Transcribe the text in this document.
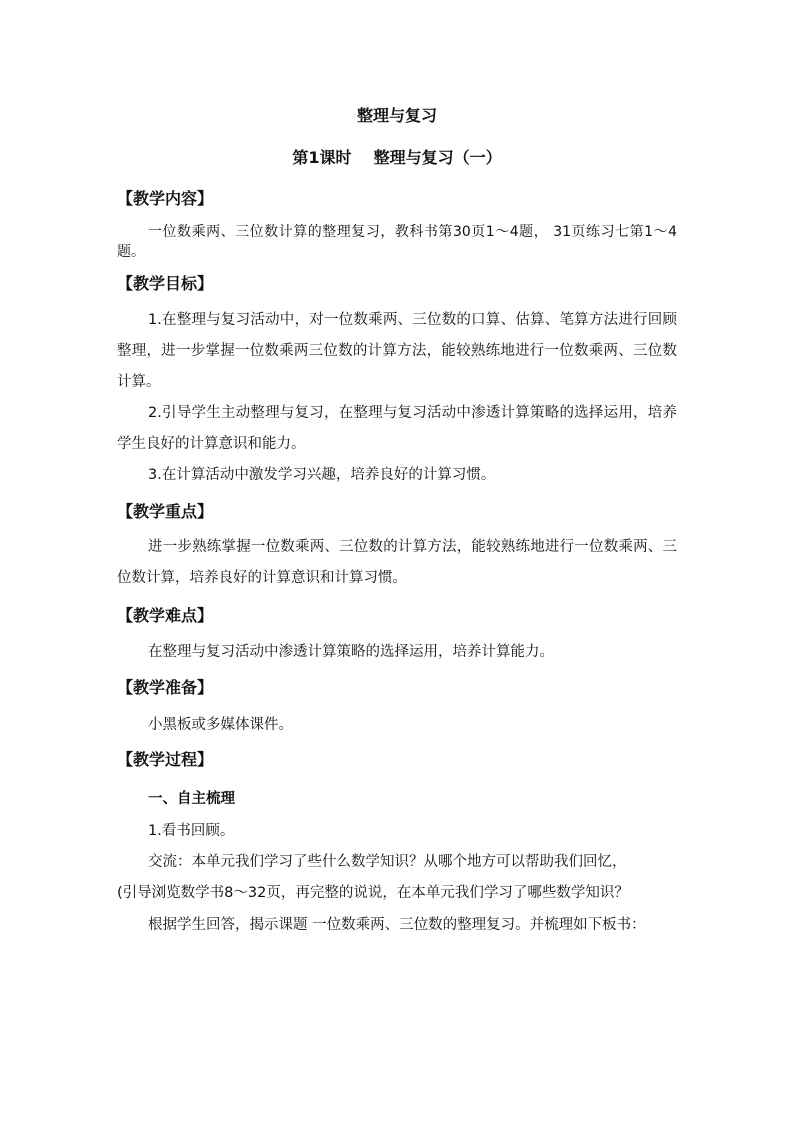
整理与复习
第1课时 整理与复习（一）
【教学内容】

一位数乘两、三位数计算的整理复习，教科书第30页1～4题， 31页练习七第1～4题。

【教学目标】

1.在整理与复习活动中，对一位数乘两、三位数的口算、估算、笔算方法进行回顾整理，进一步掌握一位数乘两三位数的计算方法，能较熟练地进行一位数乘两、三位数计算。

2.引导学生主动整理与复习，在整理与复习活动中渗透计算策略的选择运用，培养学生良好的计算意识和能力。

3.在计算活动中激发学习兴趣，培养良好的计算习惯。

【教学重点】

进一步熟练掌握一位数乘两、三位数的计算方法，能较熟练地进行一位数乘两、三位数计算，培养良好的计算意识和计算习惯。

【教学难点】

在整理与复习活动中渗透计算策略的选择运用，培养计算能力。

【教学准备】

小黑板或多媒体课件。

【教学过程】

一、自主梳理

1.看书回顾。

交流：本单元我们学习了些什么数学知识？从哪个地方可以帮助我们回忆，

(引导浏览数学书8～32页，再完整的说说，在本单元我们学习了哪些数学知识？

根据学生回答，揭示课题 一位数乘两、三位数的整理复习。并梳理如下板书：
